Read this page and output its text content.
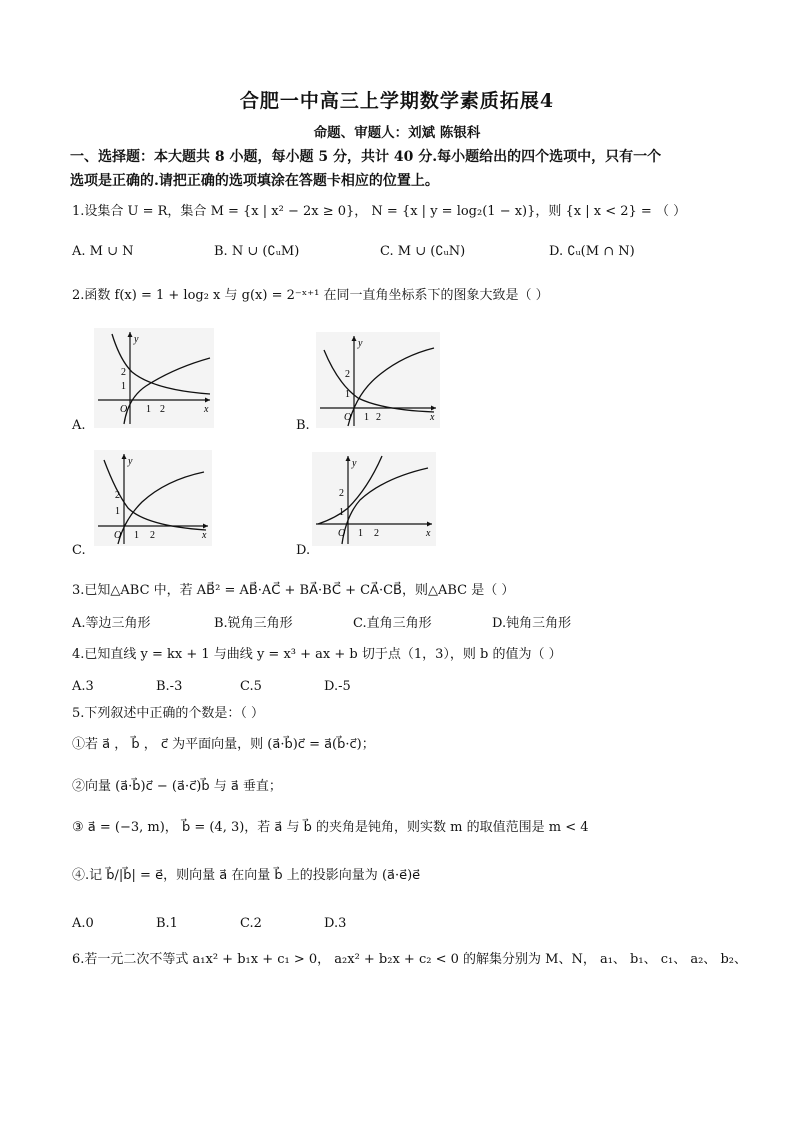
合肥一中高三上学期数学素质拓展4
命题、审题人：刘斌 陈银科
一、选择题：本大题共 8 小题，每小题 5 分，共计 40 分.每小题给出的四个选项中，只有一个
选项是正确的.请把正确的选项填涂在答题卡相应的位置上。
1.设集合 U = R，集合 M = {x | x² − 2x ≥ 0}， N = {x | y = log₂(1 − x)}，则 {x | x < 2} = （ ）
A. M ∪ N	B. N ∪ (∁ᵤM)	C. M ∪ (∁ᵤN)	D. ∁ᵤ(M ∩ N)
2.函数 f(x) = 1 + log₂ x 与 g(x) = 2⁻ˣ⁺¹ 在同一直角坐标系下的图象大致是（ ）
y
x
O 1 2
1
2
A.
y
x
O 1 2
1
2
B.
y
x
O 1 2
1
2
C.
y
x
O 1 2
1
2
D.
3.已知△ABC 中，若 AB⃗² = AB⃗·AC⃗ + BA⃗·BC⃗ + CA⃗·CB⃗，则△ABC 是（ ）
A.等边三角形	B.锐角三角形	C.直角三角形	D.钝角三角形
4.已知直线 y = kx + 1 与曲线 y = x³ + ax + b 切于点（1，3），则 b 的值为（ ）
A.3	B.-3	C.5	D.-5
5.下列叙述中正确的个数是：（ ）
①若 a⃗ ， b⃗ ， c⃗ 为平面向量，则 (a⃗·b⃗)c⃗ = a⃗(b⃗·c⃗)；
②向量 (a⃗·b⃗)c⃗ − (a⃗·c⃗)b⃗ 与 a⃗ 垂直；
③ a⃗ = (−3, m)， b⃗ = (4, 3)，若 a⃗ 与 b⃗ 的夹角是钝角，则实数 m 的取值范围是 m < 4
④.记 b⃗/|b⃗| = e⃗，则向量 a⃗ 在向量 b⃗ 上的投影向量为 (a⃗·e⃗)e⃗
A.0	B.1	C.2	D.3
6.若一元二次不等式 a₁x² + b₁x + c₁ > 0， a₂x² + b₂x + c₂ < 0 的解集分别为 M、N， a₁、 b₁、 c₁、 a₂、 b₂、
